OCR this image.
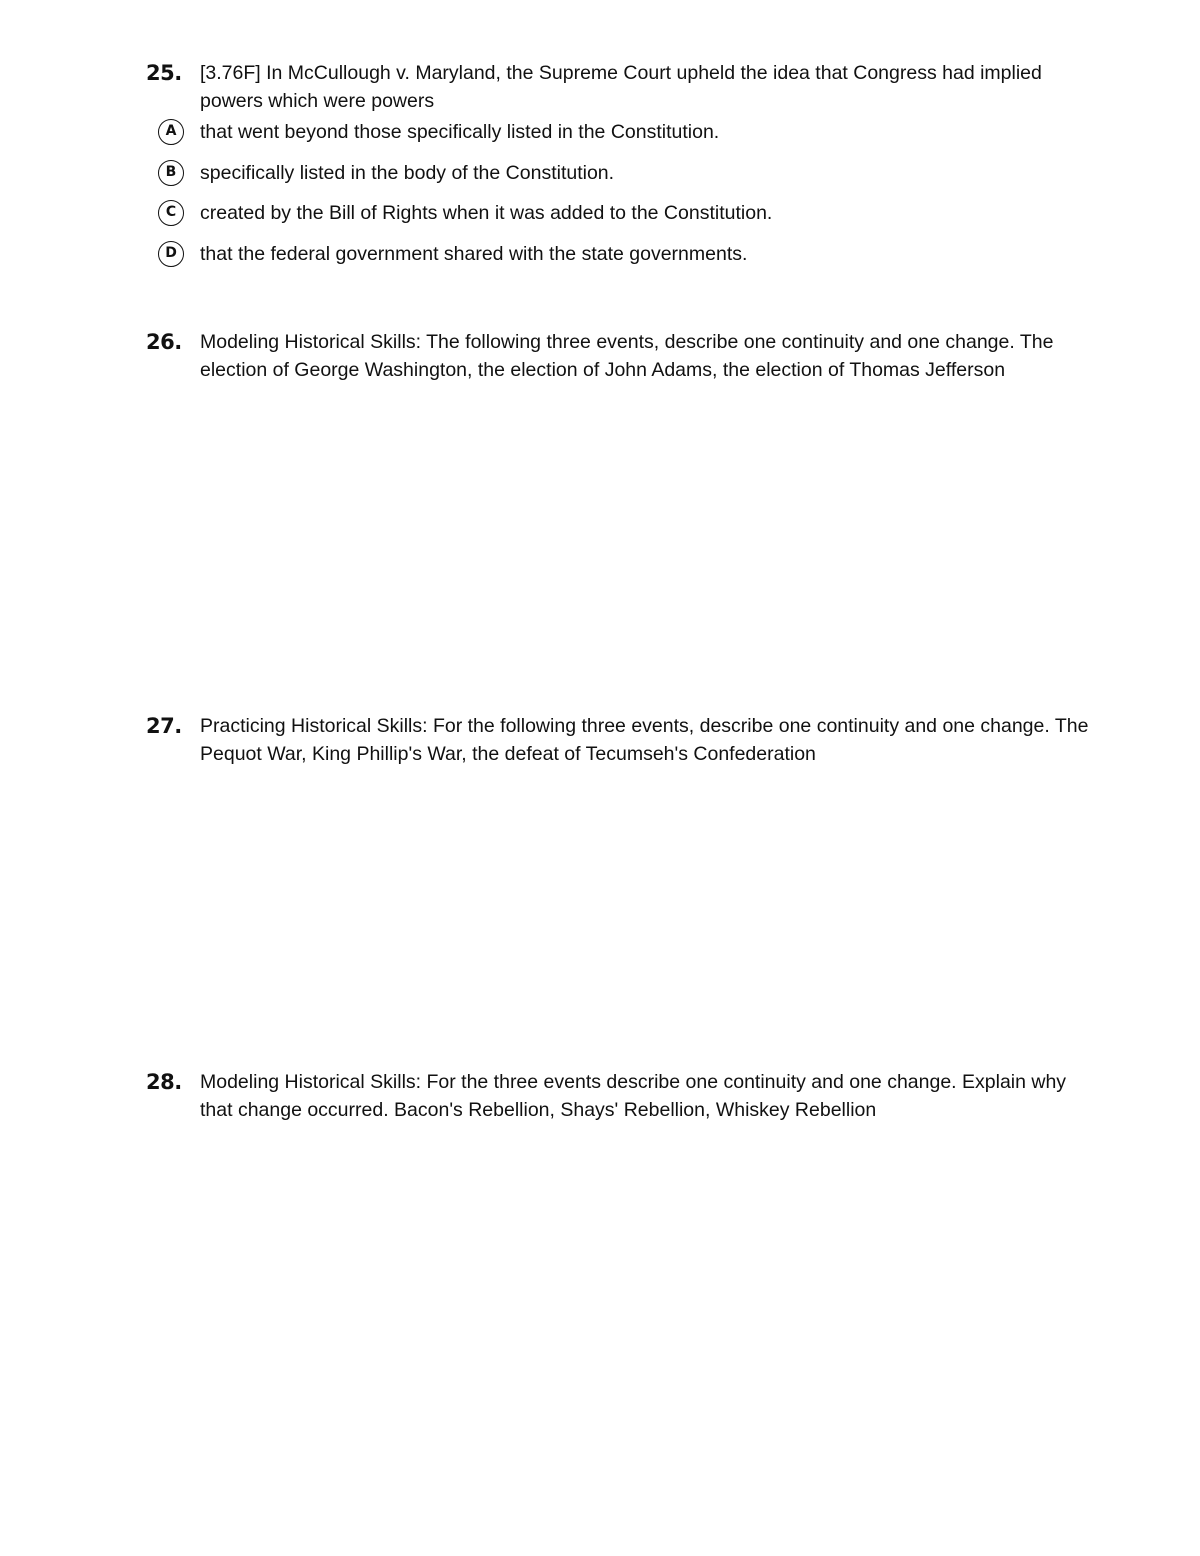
25. [3.76F] In McCullough v. Maryland, the Supreme Court upheld the idea that Congress had implied powers which were powers
A	that went beyond those specifically listed in the Constitution.
B	specifically listed in the body of the Constitution.
C	created by the Bill of Rights when it was added to the Constitution.
D	that the federal government shared with the state governments.
26. Modeling Historical Skills: The following three events, describe one continuity and one change. The election of George Washington, the election of John Adams, the election of Thomas Jefferson
27. Practicing Historical Skills: For the following three events, describe one continuity and one change. The Pequot War, King Phillip's War, the defeat of Tecumseh's Confederation
28. Modeling Historical Skills: For the three events describe one continuity and one change. Explain why that change occurred. Bacon's Rebellion, Shays' Rebellion, Whiskey Rebellion
